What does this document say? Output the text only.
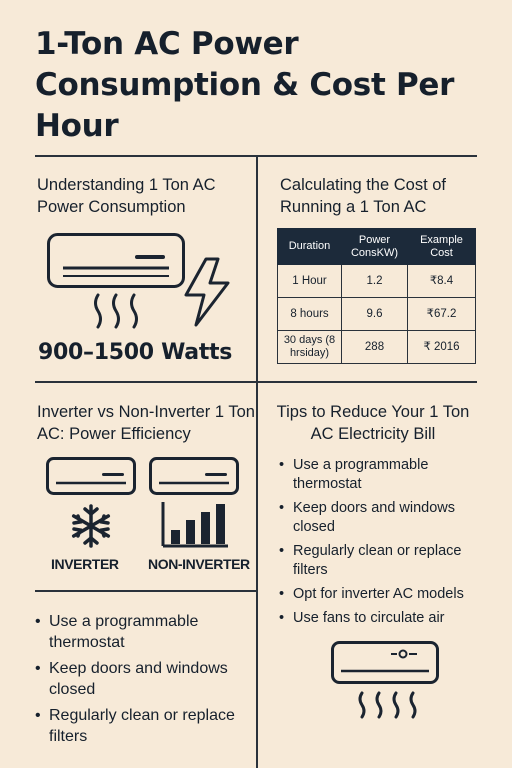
1-Ton AC Power Consumption & Cost Per Hour
Understanding 1 Ton AC Power Consumption
900–1500 Watts
Calculating the Cost of Running a 1 Ton AC
Duration	Power ConsKW)	Example Cost
1 Hour	1.2	₹8.4
8 hours	9.6	₹67.2
30 days (8 hrsiday)	288	₹ 2016
Inverter vs Non-Inverter 1 Ton AC: Power Efficiency
INVERTER NON-INVERTER
• Use a programmable thermostat
• Keep doors and windows closed
• Regularly clean or replace filters
Tips to Reduce Your 1 Ton AC Electricity Bill
• Use a programmable thermostat
• Keep doors and windows closed
• Regularly clean or replace filters
• Opt for inverter AC models
• Use fans to circulate air
